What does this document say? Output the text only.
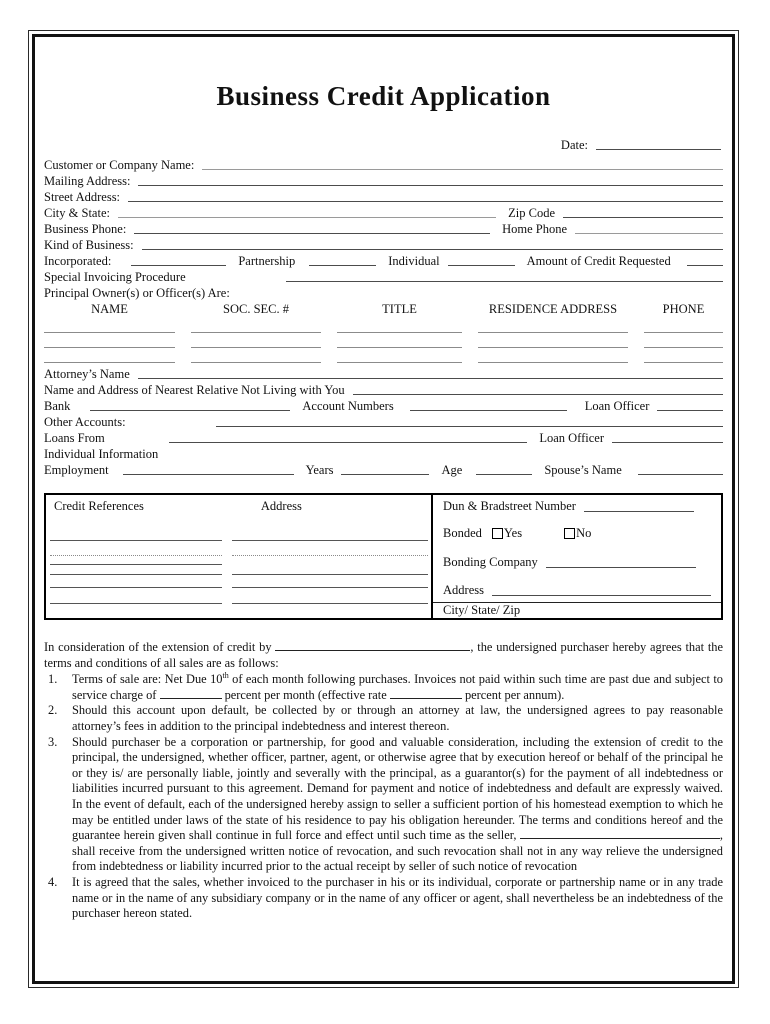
Business Credit Application
Date:
Customer or Company Name:
Mailing Address:
Street Address:
City & State:	Zip Code
Business Phone:	Home Phone
Kind of Business:
Incorporated:	Partnership	Individual	Amount of Credit Requested
Special Invoicing Procedure
Principal Owner(s) or Officer(s) Are:
NAME	SOC. SEC. #	TITLE	RESIDENCE ADDRESS	PHONE
Attorney’s Name
Name and Address of Nearest Relative Not Living with You
Bank	Account Numbers	Loan Officer
Other Accounts:
Loans From	Loan Officer
Individual Information
Employment	Years	Age	Spouse’s Name
Credit References	Address	Dun & Bradstreet Number
Bonded Yes	No
Bonding Company
Address
City/ State/ Zip

In consideration of the extension of credit by	, the undersigned purchaser hereby agrees that the terms and conditions of all sales are as follows:

1.	Terms of sale are: Net Due 10th of each month following purchases. Invoices not paid within such time are past due and subject to service charge of	percent per month (effective rate	percent per annum).
2.	Should this account upon default, be collected by or through an attorney at law, the undersigned agrees to pay reasonable attorney’s fees in addition to the principal indebtedness and interest thereon.
3.	Should purchaser be a corporation or partnership, for good and valuable consideration, including the extension of credit to the principal, the undersigned, whether officer, partner, agent, or otherwise agree that by execution hereof or behalf of the principal he or they is/ are personally liable, jointly and severally with the principal, as a guarantor(s) for the payment of all indebtedness or liabilities incurred pursuant to this agreement. Demand for payment and notice of indebtedness and default are expressly waived. In the event of default, each of the undersigned hereby assign to seller a sufficient portion of his homestead exemption to which he may be entitled under laws of the state of his residence to pay his obligation hereunder. The terms and conditions hereof and the guarantee herein given shall continue in full force and effect until such time as the seller,	, shall receive from the undersigned written notice of revocation, and such revocation shall not in any way relieve the undersigned from indebtedness or liability incurred prior to the actual receipt by seller of such notice of revocation
4.	It is agreed that the sales, whether invoiced to the purchaser in his or its individual, corporate or partnership name or in any trade name or in the name of any subsidiary company or in the name of any officer or agent, shall nevertheless be an indebtedness of the purchaser hereon stated.
